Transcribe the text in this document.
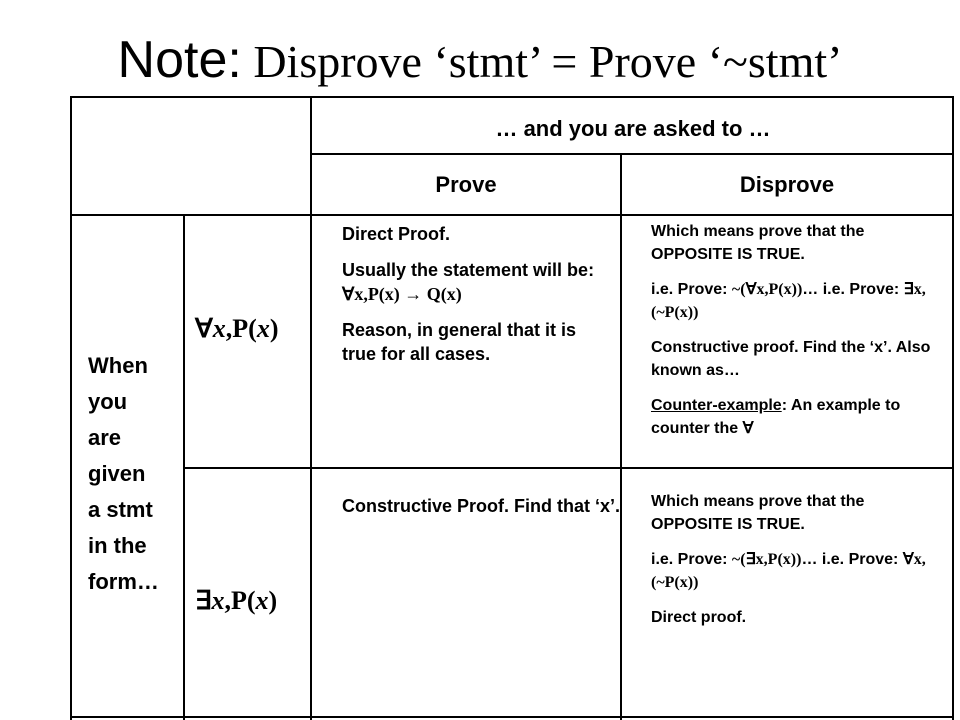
Note: Disprove ‘stmt’ = Prove ‘~stmt’
… and you are asked to …
Prove	Disprove
When
you
are
given
a stmt
in the
form…
∀x,P(x)
∃x,P(x)

Direct Proof.

Usually the statement will be: ∀x,P(x) → Q(x)

Reason, in general that it is true for all cases.

Which means prove that the OPPOSITE IS TRUE.

i.e. Prove: ~(∀x,P(x))… i.e. Prove: ∃x, (~P(x))

Constructive proof. Find the ‘x’. Also known as…

Counter-example: An example to counter the ∀

Constructive Proof. Find that ‘x’. Which means prove that the OPPOSITE IS TRUE.

i.e. Prove: ~(∃x,P(x))… i.e. Prove: ∀x, (~P(x))

Direct proof.
